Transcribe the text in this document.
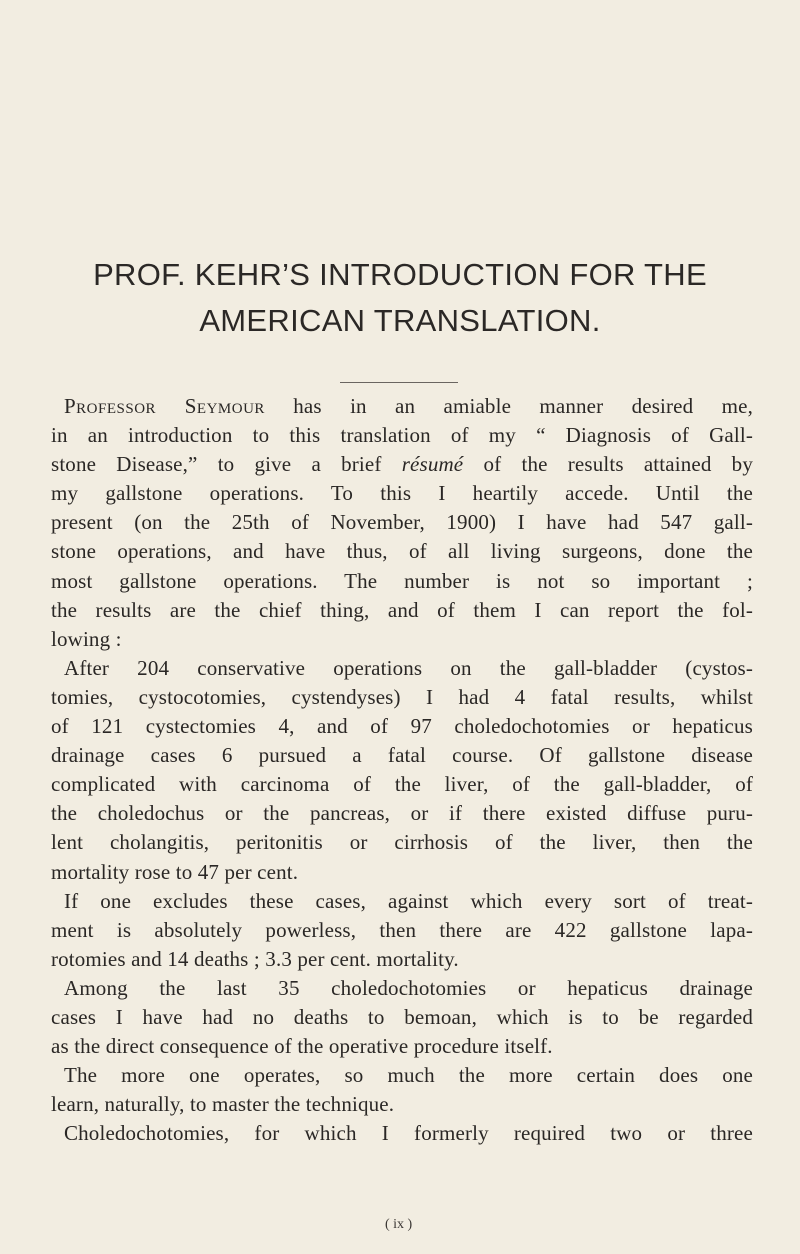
PROF. KEHR’S INTRODUCTION FOR THE
AMERICAN TRANSLATION.
Professor Seymour has in an amiable manner desired me,
in an introduction to this translation of my “ Diagnosis of Gall-
stone Disease,” to give a brief résumé of the results attained by
my gallstone operations. To this I heartily accede. Until the
present (on the 25th of November, 1900) I have had 547 gall-
stone operations, and have thus, of all living surgeons, done the
most gallstone operations. The number is not so important ;
the results are the chief thing, and of them I can report the fol-
lowing :
After 204 conservative operations on the gall-bladder (cystos-
tomies, cystocotomies, cystendyses) I had 4 fatal results, whilst
of 121 cystectomies 4, and of 97 choledochotomies or hepaticus
drainage cases 6 pursued a fatal course. Of gallstone disease
complicated with carcinoma of the liver, of the gall-bladder, of
the choledochus or the pancreas, or if there existed diffuse puru-
lent cholangitis, peritonitis or cirrhosis of the liver, then the
mortality rose to 47 per cent.
If one excludes these cases, against which every sort of treat-
ment is absolutely powerless, then there are 422 gallstone lapa-
rotomies and 14 deaths ; 3.3 per cent. mortality.
Among the last 35 choledochotomies or hepaticus drainage
cases I have had no deaths to bemoan, which is to be regarded
as the direct consequence of the operative procedure itself.
The more one operates, so much the more certain does one
learn, naturally, to master the technique.
Choledochotomies, for which I formerly required two or three
( ix )
